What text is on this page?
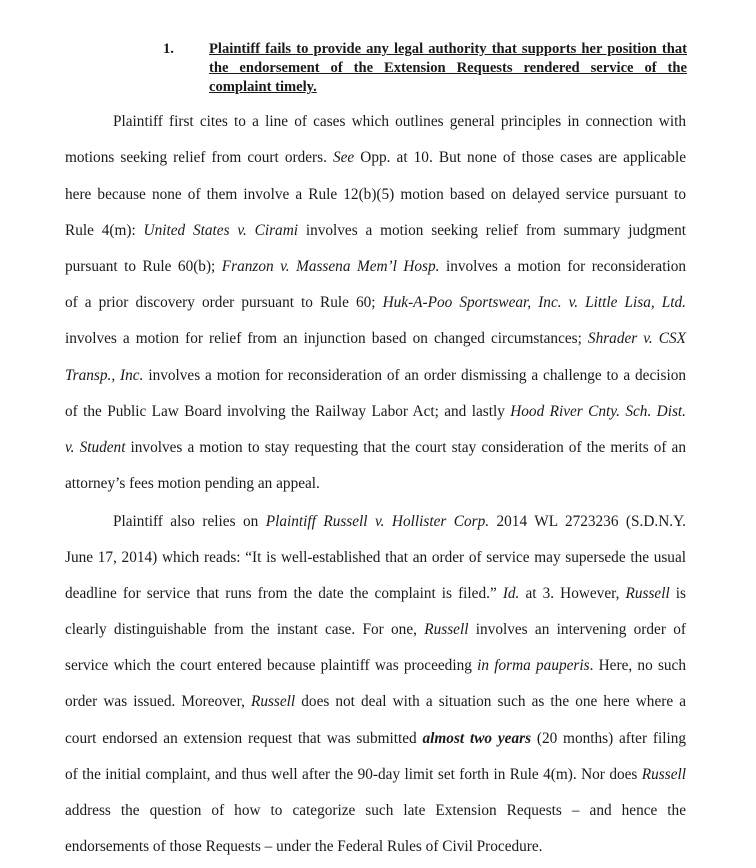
1. Plaintiff fails to provide any legal authority that supports her position that the endorsement of the Extension Requests rendered service of the complaint timely.
Plaintiff first cites to a line of cases which outlines general principles in connection with
motions seeking relief from court orders. See Opp. at 10. But none of those cases are applicable
here because none of them involve a Rule 12(b)(5) motion based on delayed service pursuant to
Rule 4(m): United States v. Cirami involves a motion seeking relief from summary judgment
pursuant to Rule 60(b); Franzon v. Massena Mem’l Hosp. involves a motion for reconsideration
of a prior discovery order pursuant to Rule 60; Huk-A-Poo Sportswear, Inc. v. Little Lisa, Ltd.
involves a motion for relief from an injunction based on changed circumstances; Shrader v. CSX
Transp., Inc. involves a motion for reconsideration of an order dismissing a challenge to a decision
of the Public Law Board involving the Railway Labor Act; and lastly Hood River Cnty. Sch. Dist.
v. Student involves a motion to stay requesting that the court stay consideration of the merits of an
attorney’s fees motion pending an appeal.
Plaintiff also relies on Plaintiff Russell v. Hollister Corp. 2014 WL 2723236 (S.D.N.Y.
June 17, 2014) which reads: “It is well-established that an order of service may supersede the usual
deadline for service that runs from the date the complaint is filed.” Id. at 3. However, Russell is
clearly distinguishable from the instant case. For one, Russell involves an intervening order of
service which the court entered because plaintiff was proceeding in forma pauperis. Here, no such
order was issued. Moreover, Russell does not deal with a situation such as the one here where a
court endorsed an extension request that was submitted almost two years (20 months) after filing
of the initial complaint, and thus well after the 90-day limit set forth in Rule 4(m). Nor does Russell
address the question of how to categorize such late Extension Requests – and hence the
endorsements of those Requests – under the Federal Rules of Civil Procedure.
